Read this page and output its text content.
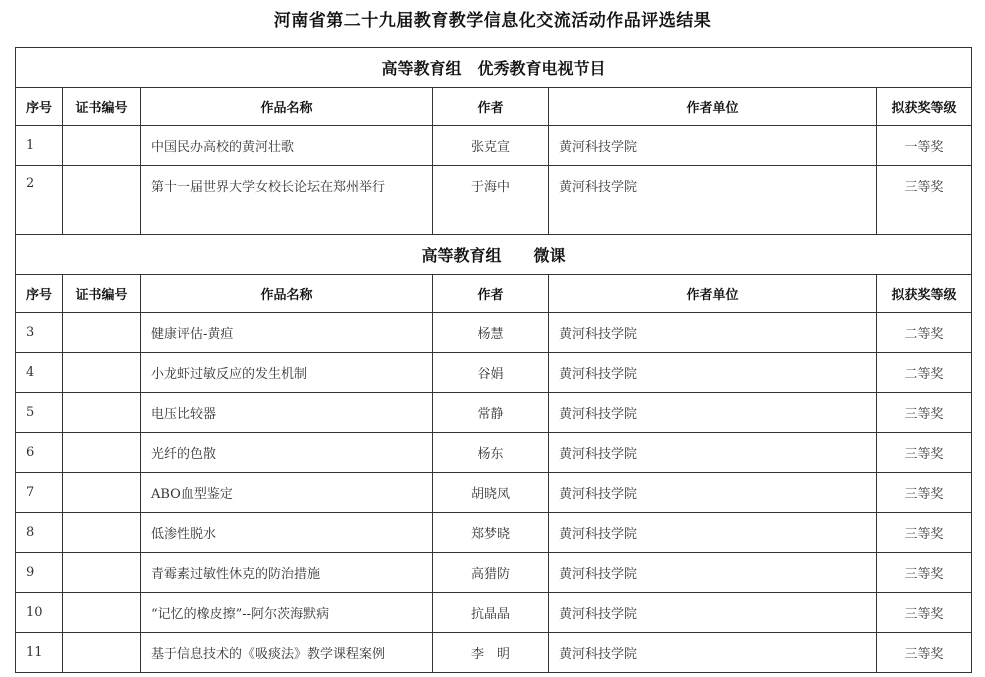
河南省第二十九届教育教学信息化交流活动作品评选结果
高等教育组　优秀教育电视节目					
序号	证书编号	作品名称	作者	作者单位	拟获奖等级
1		中国民办高校的黄河壮歌	张克宣	黄河科技学院	一等奖
2		第十一届世界大学女校长论坛在郑州举行	于海中	黄河科技学院	三等奖
高等教育组　　微课					
序号	证书编号	作品名称	作者	作者单位	拟获奖等级
3		健康评估-黄疸	杨慧	黄河科技学院	二等奖
4		小龙虾过敏反应的发生机制	谷娟	黄河科技学院	二等奖
5		电压比较器	常静	黄河科技学院	三等奖
6		光纤的色散	杨东	黄河科技学院	三等奖
7		ABO血型鉴定	胡晓凤	黄河科技学院	三等奖
8		低渗性脱水	郑梦晓	黄河科技学院	三等奖
9		青霉素过敏性休克的防治措施	高猎防	黄河科技学院	三等奖
10		“记忆的橡皮擦”--阿尔茨海默病	抗晶晶	黄河科技学院	三等奖
11		基于信息技术的《吸痰法》教学课程案例	李　明	黄河科技学院	三等奖
